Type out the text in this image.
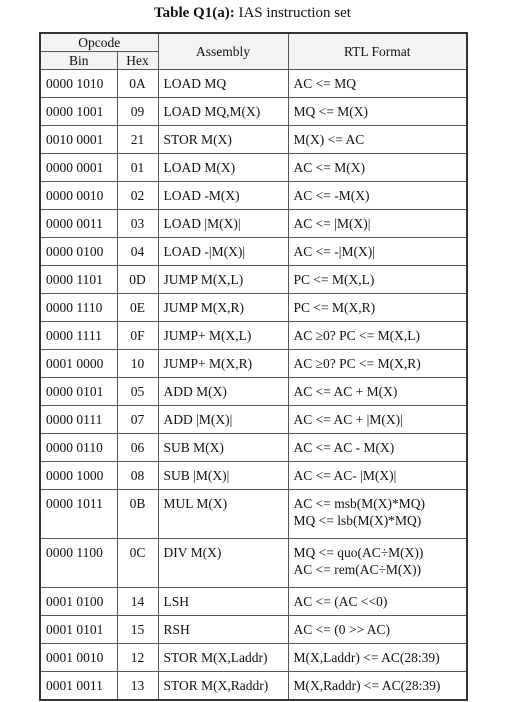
Table Q1(a): IAS instruction set
Opcode		Assembly	RTL Format
Bin	Hex		
0000 1010	0A	LOAD MQ	AC <= MQ

0000 1001	09	LOAD MQ,M(X)	MQ <= M(X)

0010 0001	21	STOR M(X)	M(X) <= AC

0000 0001	01	LOAD M(X)	AC <= M(X)

0000 0010	02	LOAD -M(X)	AC <= -M(X)

0000 0011	03	LOAD |M(X)|	AC <= |M(X)|

0000 0100	04	LOAD -|M(X)|	AC <= -|M(X)|

0000 1101	0D	JUMP M(X,L)	PC <= M(X,L)

0000 1110	0E	JUMP M(X,R)	PC <= M(X,R)

0000 1111	0F	JUMP+ M(X,L)	AC ≥0? PC <= M(X,L)

0001 0000	10	JUMP+ M(X,R)	AC ≥0? PC <= M(X,R)

0000 0101	05	ADD M(X)	AC <= AC + M(X)

0000 0111	07	ADD |M(X)|	AC <= AC + |M(X)|

0000 0110	06	SUB M(X)	AC <= AC - M(X)

0000 1000	08	SUB |M(X)|	AC <= AC- |M(X)|

0000 1011	0B	MUL M(X)	AC <= msb(M(X)*MQ)
MQ <= lsb(M(X)*MQ)

0000 1100	0C	DIV M(X)	MQ <= quo(AC÷M(X))
AC <= rem(AC÷M(X))

0001 0100	14	LSH	AC <= (AC <<0)

0001 0101	15	RSH	AC <= (0 >> AC)

0001 0010	12	STOR M(X,Laddr)	M(X,Laddr) <= AC(28:39)

0001 0011	13	STOR M(X,Raddr)	M(X,Raddr) <= AC(28:39)
